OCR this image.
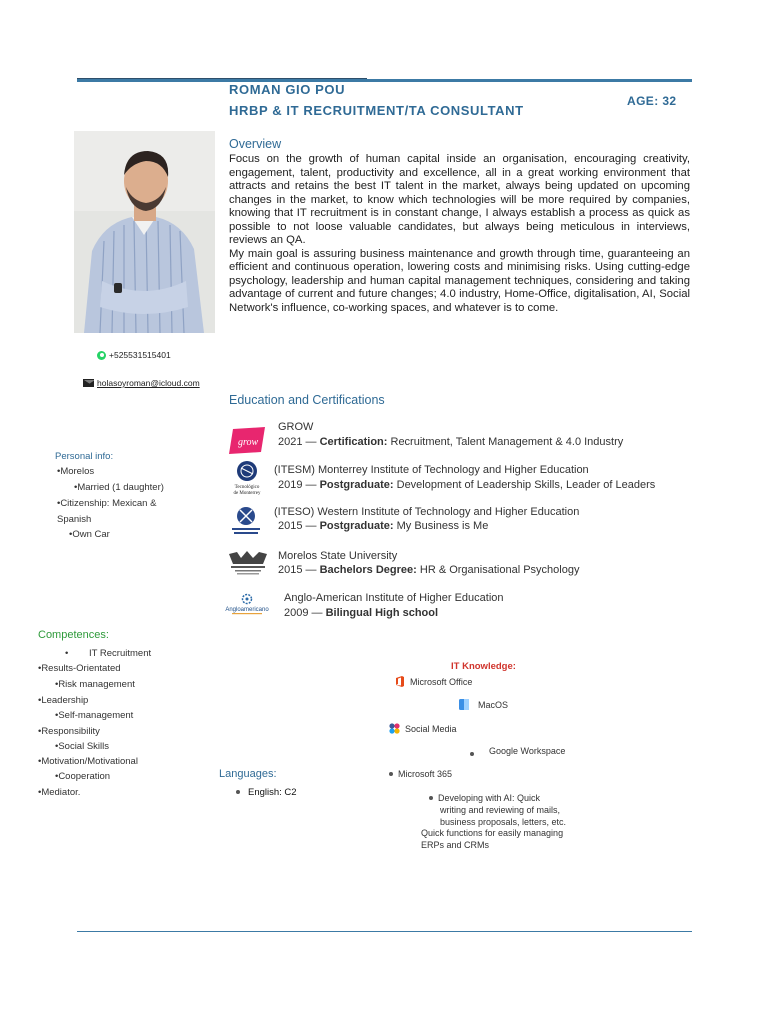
ROMAN GIO POU
HRBP & IT RECRUITMENT/TA CONSULTANT
AGE: 32
+525531515401
holasoyroman@icloud.com
Overview

Focus on the growth of human capital inside an organisation, encouraging creativity, engagement, talent, productivity and excellence, all in a great working environment that attracts and retains the best IT talent in the market, always being updated on upcoming changes in the market, to know which technologies will be more required by companies, knowing that IT recruitment is in constant change, I always establish a process as quick as possible to not loose valuable candidates, but always being meticulous in interviews, reviews an QA.

My main goal is assuring business maintenance and growth through time, guaranteeing an efficient and continuous operation, lowering costs and minimising risks. Using cutting-edge psychology, leadership and human capital management techniques, considering and taking advantage of current and future changes; 4.0 industry, Home-Office, digitalisation, AI, Social Network's influence, co-working spaces, and whatever is to come.

Personal info:
•Morelos
•Married (1 daughter)
•Citizenship: Mexican &
Spanish
•Own Car
Education and Certifications
grow
GROW
2021 — Certification: Recruitment, Talent Management & 4.0 Industry
Tecnológico
de Monterrey
(ITESM) Monterrey Institute of Technology and Higher Education
2019 — Postgraduate: Development of Leadership Skills, Leader of Leaders
(ITESO) Western Institute of Technology and Higher Education
2015 — Postgraduate: My Business is Me
Morelos State University
2015 — Bachelors Degree: HR & Organisational Psychology
Angloamericano
Anglo-American Institute of Higher Education
2009 — Bilingual High school
Competences:
• IT Recruitment
•Results-Orientated
•Risk management
•Leadership
•Self-management
•Responsibility
•Social Skills
•Motivation/Motivational
•Cooperation
•Mediator.
Languages:
English: C2
IT Knowledge:
Microsoft Office
MacOS
Social Media
Google Workspace
Microsoft 365
Developing with AI: Quick
writing and reviewing of mails,
business proposals, letters, etc.
Quick functions for easily managing
ERPs and CRMs
